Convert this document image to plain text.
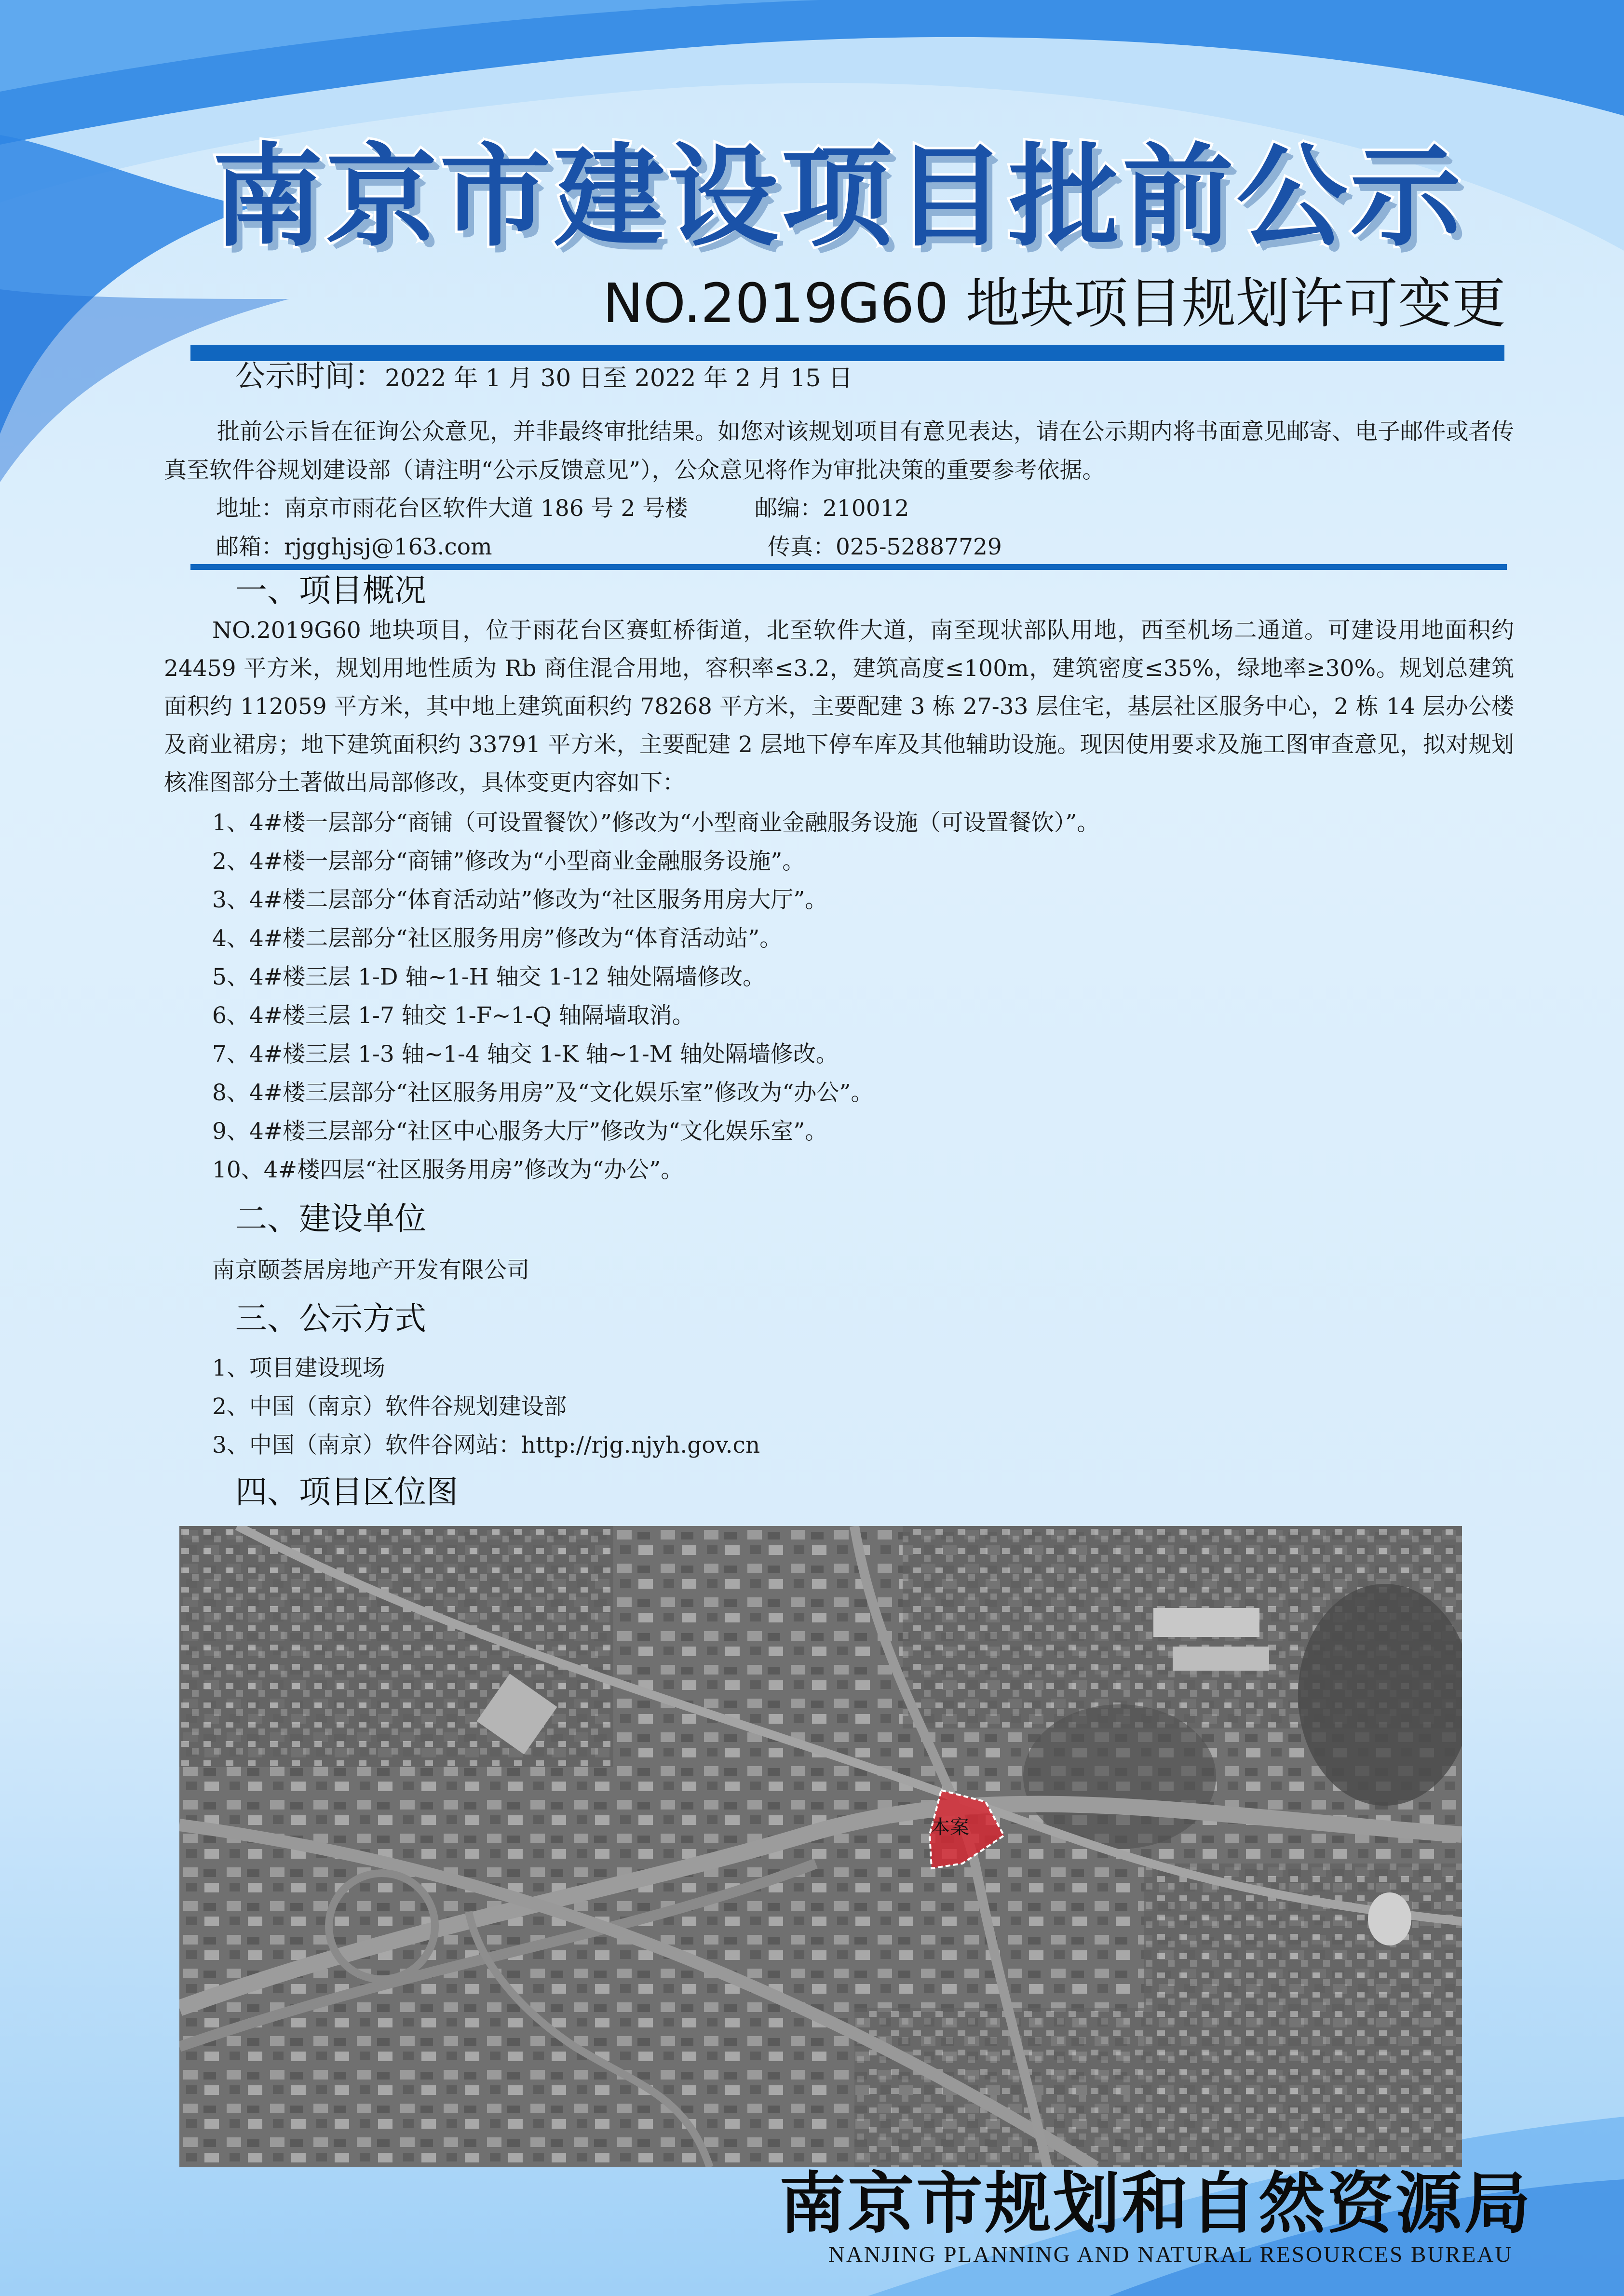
南京市建设项目批前公示
NO.2019G60 地块项目规划许可变更
公示时间：2022 年 1 月 30 日至 2022 年 2 月 15 日

批前公示旨在征询公众意见，并非最终审批结果。如您对该规划项目有意见表达，请在公示期内将书面意见邮寄、电子邮件或者传真至软件谷规划建设部（请注明“公示反馈意见”），公众意见将作为审批决策的重要参考依据。

地址：南京市雨花台区软件大道 186 号 2 号楼	邮编：210012
邮箱：rjgghjsj@163.com	传真：025-52887729
一、项目概况

NO.2019G60 地块项目，位于雨花台区赛虹桥街道，北至软件大道，南至现状部队用地，西至机场二通道。可建设用地面积约 24459 平方米，规划用地性质为 Rb 商住混合用地，容积率≤3.2，建筑高度≤100m，建筑密度≤35%，绿地率≥30%。规划总建筑面积约 112059 平方米，其中地上建筑面积约 78268 平方米，主要配建 3 栋 27-33 层住宅，基层社区服务中心，2 栋 14 层办公楼及商业裙房；地下建筑面积约 33791 平方米，主要配建 2 层地下停车库及其他辅助设施。现因使用要求及施工图审查意见，拟对规划核准图部分土著做出局部修改，具体变更内容如下：

1、4#楼一层部分“商铺（可设置餐饮）”修改为“小型商业金融服务设施（可设置餐饮）”。
2、4#楼一层部分“商铺”修改为“小型商业金融服务设施”。
3、4#楼二层部分“体育活动站”修改为“社区服务用房大厅”。
4、4#楼二层部分“社区服务用房”修改为“体育活动站”。
5、4#楼三层 1-D 轴~1-H 轴交 1-12 轴处隔墙修改。
6、4#楼三层 1-7 轴交 1-F~1-Q 轴隔墙取消。
7、4#楼三层 1-3 轴~1-4 轴交 1-K 轴~1-M 轴处隔墙修改。
8、4#楼三层部分“社区服务用房”及“文化娱乐室”修改为“办公”。
9、4#楼三层部分“社区中心服务大厅”修改为“文化娱乐室”。
10、4#楼四层“社区服务用房”修改为“办公”。
二、建设单位
南京颐荟居房地产开发有限公司
三、公示方式
1、项目建设现场
2、中国（南京）软件谷规划建设部
3、中国（南京）软件谷网站：http://rjg.njyh.gov.cn
四、项目区位图
本案
南京市规划和自然资源局
NANJING PLANNING AND NATURAL RESOURCES BUREAU
